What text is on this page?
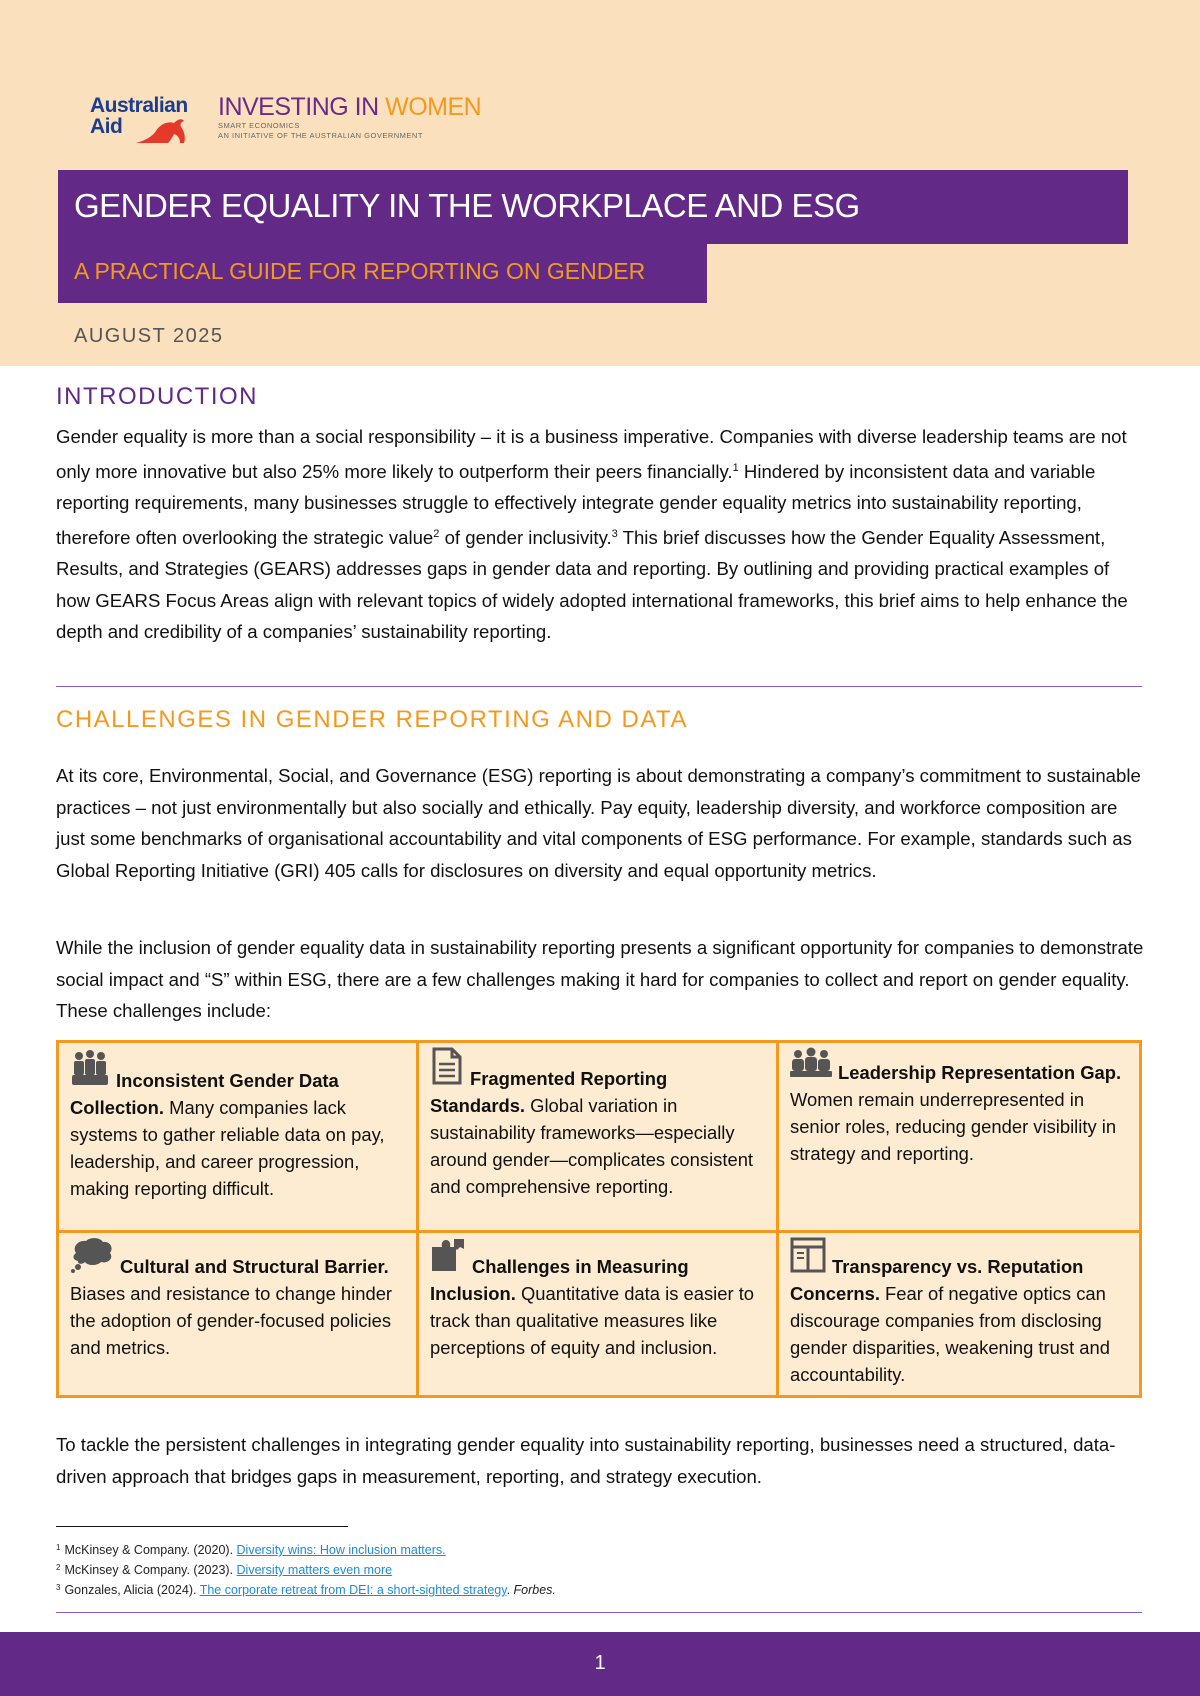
Australian
Aid
INVESTING IN WOMEN
SMART ECONOMICS
AN INITIATIVE OF THE AUSTRALIAN GOVERNMENT
GENDER EQUALITY IN THE WORKPLACE AND ESG
A PRACTICAL GUIDE FOR REPORTING ON GENDER
AUGUST 2025
INTRODUCTION

Gender equality is more than a social responsibility – it is a business imperative. Companies with diverse leadership teams are not only more innovative but also 25% more likely to outperform their peers financially.$^1$ Hindered by inconsistent data and variable reporting requirements, many businesses struggle to effectively integrate gender equality metrics into sustainability reporting, therefore often overlooking the strategic value$^2$ of gender inclusivity.$^3$ This brief discusses how the Gender Equality Assessment, Results, and Strategies (GEARS) addresses gaps in gender data and reporting. By outlining and providing practical examples of how GEARS Focus Areas align with relevant topics of widely adopted international frameworks, this brief aims to help enhance the depth and credibility of a companies’ sustainability reporting.

CHALLENGES IN GENDER REPORTING AND DATA

At its core, Environmental, Social, and Governance (ESG) reporting is about demonstrating a company’s commitment to sustainable practices – not just environmentally but also socially and ethically. Pay equity, leadership diversity, and workforce composition are just some benchmarks of organisational accountability and vital components of ESG performance. For example, standards such as Global Reporting Initiative (GRI) 405 calls for disclosures on diversity and equal opportunity metrics.

While the inclusion of gender equality data in sustainability reporting presents a significant opportunity for companies to demonstrate social impact and “S” within ESG, there are a few challenges making it hard for companies to collect and report on gender equality. These challenges include:

Inconsistent Gender Data Collection. Many companies lack systems to gather reliable data on pay, leadership, and career progression, making reporting difficult.
Fragmented Reporting Standards. Global variation in sustainability frameworks—especially around gender—complicates consistent and comprehensive reporting.
Leadership Representation Gap. Women remain underrepresented in senior roles, reducing gender visibility in strategy and reporting.
Cultural and Structural Barrier. Biases and resistance to change hinder the adoption of gender-focused policies and metrics.
Challenges in Measuring Inclusion. Quantitative data is easier to track than qualitative measures like perceptions of equity and inclusion.
Transparency vs. Reputation Concerns. Fear of negative optics can discourage companies from disclosing gender disparities, weakening trust and accountability.

To tackle the persistent challenges in integrating gender equality into sustainability reporting, businesses need a structured, data-driven approach that bridges gaps in measurement, reporting, and strategy execution.

$^1$ McKinsey & Company. (2020). Diversity wins: How inclusion matters.
$^2$ McKinsey & Company. (2023). Diversity matters even more
$^3$ Gonzales, Alicia (2024). The corporate retreat from DEI: a short-sighted strategy. Forbes.
1
